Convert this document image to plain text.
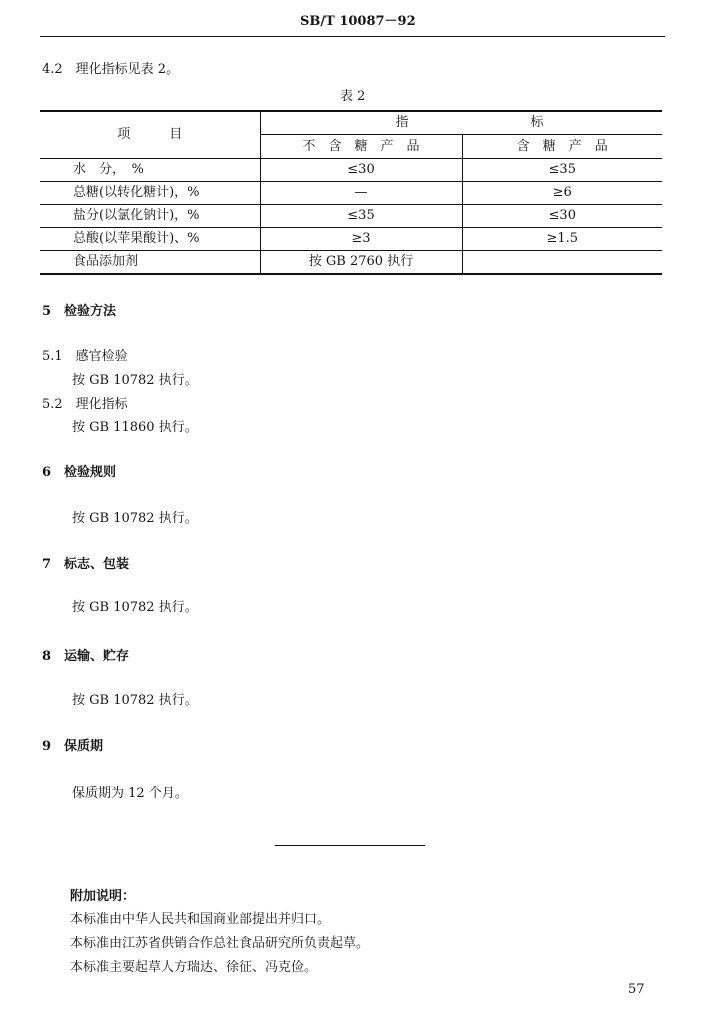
SB/T 10087－92
4.2　理化指标见表 2。
表 2
项　　　目	指 标	

	不　含　糖　产　品	含　糖　产　品
水　分，　%	≤30	≤35
总糖(以转化糖计)，%	—	≥6
盐分(以氯化钠计)，%	≤35	≤30
总酸(以苹果酸计)、%	≥3	≥1.5
食品添加剂	按 GB 2760 执行	
5　检验方法
5.1　感官检验
按 GB 10782 执行。
5.2　理化指标
按 GB 11860 执行。
6　检验规则
按 GB 10782 执行。
7　标志、包装
按 GB 10782 执行。
8　运输、贮存
按 GB 10782 执行。
9　保质期
保质期为 12 个月。
附加说明：
本标准由中华人民共和国商业部提出并归口。
本标准由江苏省供销合作总社食品研究所负责起草。
本标准主要起草人方瑞达、徐征、冯克俭。
57
